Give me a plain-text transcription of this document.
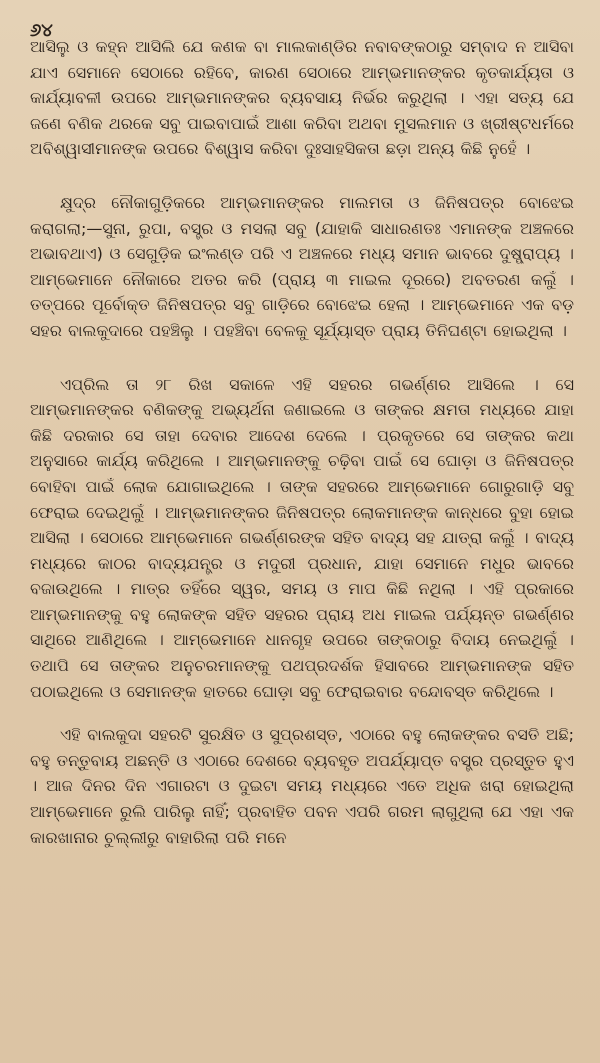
୬୪

ଆସିଲୁ ଓ କହ୍ନ ଆସିଲି ଯେ କଣକ ବା ମାଲକାଣ୍ଡିର ନବାବଙ୍କଠାରୁ ସମ୍ବାଦ ନ ଆସିବା ଯାଏ ସେମାନେ ସେଠାରେ ରହିବେ, କାରଣ ସେଠାରେ ଆମ୍ଭମାନଙ୍କର କୃତକାର୍ଯ୍ୟତା ଓ କାର୍ଯ୍ୟାବଳୀ ଉପରେ ଆମ୍ଭମାନଙ୍କର ବ୍ୟବସାୟ ନିର୍ଭର କରୁଥିଲା । ଏହା ସତ୍ୟ ଯେ ଜଣେ ବଣିକ ଥରକେ ସବୁ ପାଇବାପାଇଁ ଆଶା କରିବା ଅଥବା ମୁସଲମାନ ଓ ଖ୍ରୀଷ୍ଟଧର୍ମରେ ଅବିଶ୍ୱାସୀମାନଙ୍କ ଉପରେ ବିଶ୍ୱାସ କରିବା ଦୁଃସାହସିକତା ଛଡ଼ା ଅନ୍ୟ କିଛି ନୁହେଁ ।

କ୍ଷୁଦ୍ର ନୌକାଗୁଡ଼ିକରେ ଆମ୍ଭମାନଙ୍କର ମାଲମତା ଓ ଜିନିଷପତ୍ର ବୋଝେଇ କରାଗଲା;—ସୁନା, ରୁପା, ବସ୍ତ୍ର ଓ ମସଲା ସବୁ (ଯାହାକି ସାଧାରଣତଃ ଏମାନଙ୍କ ଅଞ୍ଚଳରେ ଅଭାବଥାଏ) ଓ ସେଗୁଡ଼ିକ ଇଂଲଣ୍ଡ ପରି ଏ ଅଞ୍ଚଳରେ ମଧ୍ୟ ସମାନ ଭାବରେ ଦୁଷ୍ପ୍ରାପ୍ୟ । ଆମ୍ଭେମାନେ ନୌକାରେ ଅତର କରି (ପ୍ରାୟ ୩ ମାଇଲ ଦୂରରେ) ଅବତରଣ କଲୁଁ । ତତ୍ପରେ ପୂର୍ବୋକ୍ତ ଜିନିଷପତ୍ର ସବୁ ଗାଡ଼ିରେ ବୋଝେଇ ହେଲା । ଆମ୍ଭେମାନେ ଏକ ବଡ଼ ସହର ବାଲକୁଦାରେ ପହଞ୍ଚିଲୁ । ପହଞ୍ଚିବା ବେଳକୁ ସୂର୍ଯ୍ୟାସ୍ତ ପ୍ରାୟ ତିନିଘଣ୍ଟା ହୋଇଥିଲା ।

ଏପ୍ରିଲ ତା ୨୮ ରିଖ ସକାଳେ ଏହି ସହରର ଗଭର୍ଣ୍ଣର ଆସିଲେ । ସେ ଆମ୍ଭମାନଙ୍କର ବଣିକଙ୍କୁ ଅଭ୍ୟର୍ଥନା ଜଣାଇଲେ ଓ ତାଙ୍କର କ୍ଷମତା ମଧ୍ୟରେ ଯାହା କିଛି ଦରକାର ସେ ତାହା ଦେବାର ଆଦେଶ ଦେଲେ । ପ୍ରକୃତରେ ସେ ତାଙ୍କର କଥା ଅନୁସାରେ କାର୍ଯ୍ୟ କରିଥିଲେ । ଆମ୍ଭମାନଙ୍କୁ ଚଢ଼ିବା ପାଇଁ ସେ ଘୋଡ଼ା ଓ ଜିନିଷପତ୍ର ବୋହିବା ପାଇଁ ଲୋକ ଯୋଗାଇଥିଲେ । ତାଙ୍କ ସହରରେ ଆମ୍ଭେମାନେ ଗୋରୁଗାଡ଼ି ସବୁ ଫେରାଇ ଦେଇଥିଲୁଁ । ଆମ୍ଭମାନଙ୍କର ଜିନିଷପତ୍ର ଲୋକମାନଙ୍କ କାନ୍ଧରେ ବୁହା ହୋଇ ଆସିଲା । ସେଠାରେ ଆମ୍ଭେମାନେ ଗଭର୍ଣ୍ଣରଙ୍କ ସହିତ ବାଦ୍ୟ ସହ ଯାତ୍ରା କଲୁଁ । ବାଦ୍ୟ ମଧ୍ୟରେ କାଠର ବାଦ୍ୟଯନ୍ତ୍ର ଓ ମଦୁରୀ ପ୍ରଧାନ, ଯାହା ସେମାନେ ମଧୁର ଭାବରେ ବଜାଉଥିଲେ । ମାତ୍ର ତହିଁରେ ସ୍ୱର, ସମୟ ଓ ମାପ କିଛି ନଥିଲା । ଏହି ପ୍ରକାରେ ଆମ୍ଭମାନଙ୍କୁ ବହୁ ଲୋକଙ୍କ ସହିତ ସହରର ପ୍ରାୟ ଅଧ ମାଇଲ ପର୍ଯ୍ୟନ୍ତ ଗଭର୍ଣ୍ଣର ସାଥିରେ ଆଣିଥିଲେ । ଆମ୍ଭେମାନେ ଧାନଗୃହ ଉପରେ ତାଙ୍କଠାରୁ ବିଦାୟ ନେଇଥିଲୁଁ । ତଥାପି ସେ ତାଙ୍କର ଅନୁଚରମାନଙ୍କୁ ପଥପ୍ରଦର୍ଶକ ହିସାବରେ ଆମ୍ଭମାନଙ୍କ ସହିତ ପଠାଇଥିଲେ ଓ ସେମାନଙ୍କ ହାତରେ ଘୋଡ଼ା ସବୁ ଫେରାଇବାର ବନ୍ଦୋବସ୍ତ କରିଥିଲେ ।

ଏହି ବାଲକୁଦା ସହରଟି ସୁରକ୍ଷିତ ଓ ସୁପ୍ରଶସ୍ତ, ଏଠାରେ ବହୁ ଲୋକଙ୍କର ବସତି ଅଛି; ବହୁ ତନ୍ତୁବାୟ ଅଛନ୍ତି ଓ ଏଠାରେ ଦେଶରେ ବ୍ୟବହୃତ ଅପର୍ଯ୍ୟାପ୍ତ ବସ୍ତ୍ର ପ୍ରସ୍ତୁତ ହୁଏ । ଆଜ ଦିନର ଦିନ ଏଗାରଟା ଓ ଦୁଇଟା ସମୟ ମଧ୍ୟରେ ଏତେ ଅଧିକ ଖରା ହୋଇଥିଲା ଆମ୍ଭେମାନେ ରୁଲି ପାରିଲୁ ନାହିଁ; ପ୍ରବାହିତ ପବନ ଏପରି ଗରମ ଲାଗୁଥିଲା ଯେ ଏହା ଏକ କାରଖାନାର ଚୁଲ୍ଲୀରୁ ବାହାରିଲା ପରି ମନେ
